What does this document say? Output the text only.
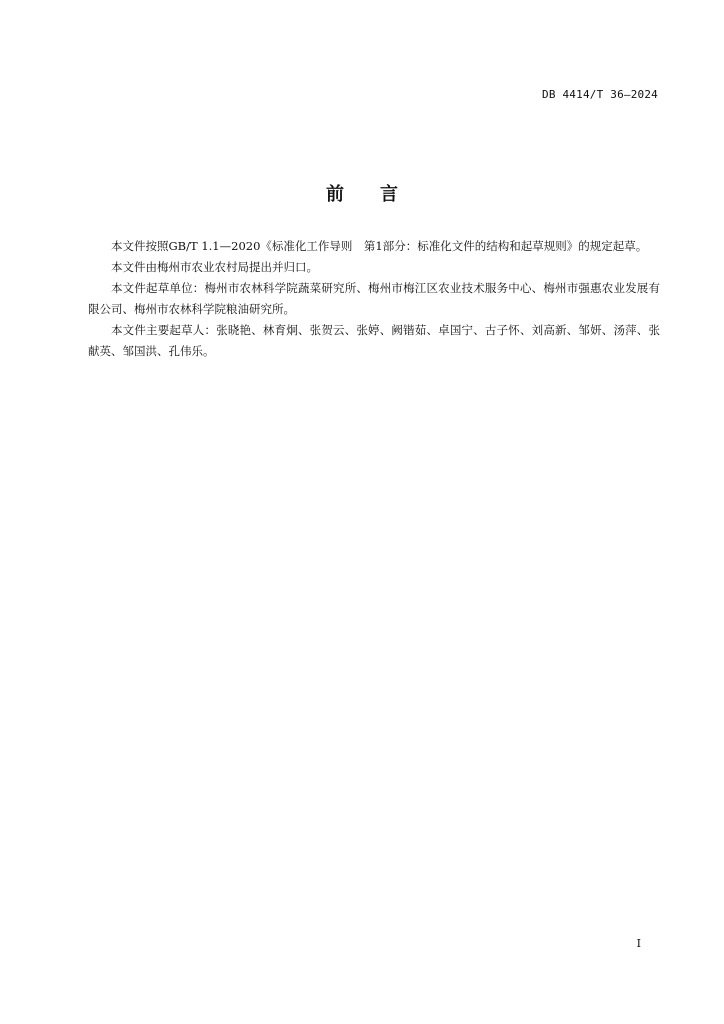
DB 4414/T 36—2024
前言

本文件按照GB/T 1.1—2020《标准化工作导则　第1部分：标准化文件的结构和起草规则》的规定起草。

本文件由梅州市农业农村局提出并归口。

本文件起草单位：梅州市农林科学院蔬菜研究所、梅州市梅江区农业技术服务中心、梅州市强惠农业发展有限公司、梅州市农林科学院粮油研究所。

本文件主要起草人：张晓艳、林育炯、张贺云、张婷、阙锴茹、卓国宁、古子怀、刘高新、邹妍、汤萍、张献英、邹国洪、孔伟乐。

I
